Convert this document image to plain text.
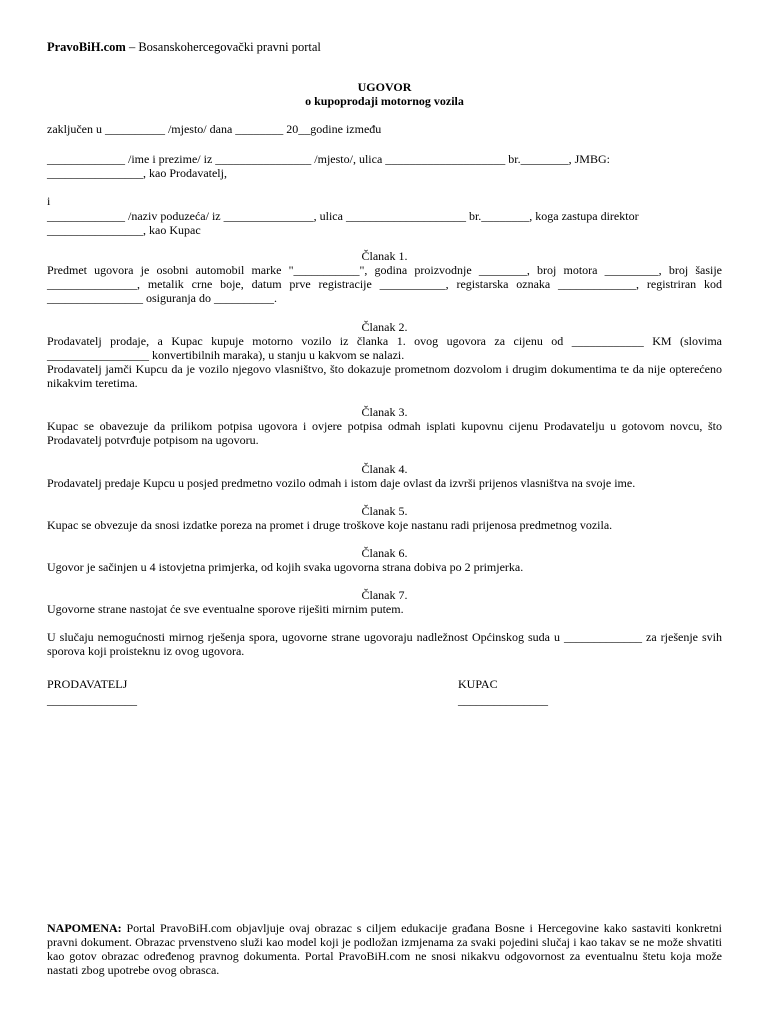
PravoBiH.com – Bosanskohercegovački pravni portal

UGOVOR
o kupoprodaji motornog vozila

zaključen u __________ /mjesto/ dana ________ 20__godine između

_____________ /ime i prezime/ iz ________________ /mjesto/, ulica ____________________ br.________, JMBG:

________________, kao Prodavatelj,

i

_____________ /naziv poduzeća/ iz _______________, ulica ____________________ br.________, koga zastupa direktor

________________, kao Kupac

Članak 1.

Predmet ugovora je osobni automobil marke "___________", godina proizvodnje ________, broj motora _________, broj šasije _______________, metalik crne boje, datum prve registracije ___________, registarska oznaka _____________, registriran kod ________________ osiguranja do __________.

Članak 2.

Prodavatelj prodaje, a Kupac kupuje motorno vozilo iz članka 1. ovog ugovora za cijenu od ____________ KM (slovima _________________ konvertibilnih maraka), u stanju u kakvom se nalazi.

Prodavatelj jamči Kupcu da je vozilo njegovo vlasništvo, što dokazuje prometnom dozvolom i drugim dokumentima te da nije opterećeno nikakvim teretima.

Članak 3.

Kupac se obavezuje da prilikom potpisa ugovora i ovjere potpisa odmah isplati kupovnu cijenu Prodavatelju u gotovom novcu, što Prodavatelj potvrđuje potpisom na ugovoru.

Članak 4.

Prodavatelj predaje Kupcu u posjed predmetno vozilo odmah i istom daje ovlast da izvrši prijenos vlasništva na svoje ime.

Članak 5.

Kupac se obvezuje da snosi izdatke poreza na promet i druge troškove koje nastanu radi prijenosa predmetnog vozila.

Članak 6.

Ugovor je sačinjen u 4 istovjetna primjerka, od kojih svaka ugovorna strana dobiva po 2 primjerka.

Članak 7.

Ugovorne strane nastojat će sve eventualne sporove riješiti mirnim putem.

U slučaju nemogućnosti mirnog rješenja spora, ugovorne strane ugovoraju nadležnost Općinskog suda u _____________ za rješenje svih sporova koji proisteknu iz ovog ugovora.

PRODAVATELJ
_______________
KUPAC
_______________

NAPOMENA: Portal PravoBiH.com objavljuje ovaj obrazac s ciljem edukacije građana Bosne i Hercegovine kako sastaviti konkretni pravni dokument. Obrazac prvenstveno služi kao model koji je podložan izmjenama za svaki pojedini slučaj i kao takav se ne može shvatiti kao gotov obrazac određenog pravnog dokumenta. Portal PravoBiH.com ne snosi nikakvu odgovornost za eventualnu štetu koja može nastati zbog upotrebe ovog obrasca.
